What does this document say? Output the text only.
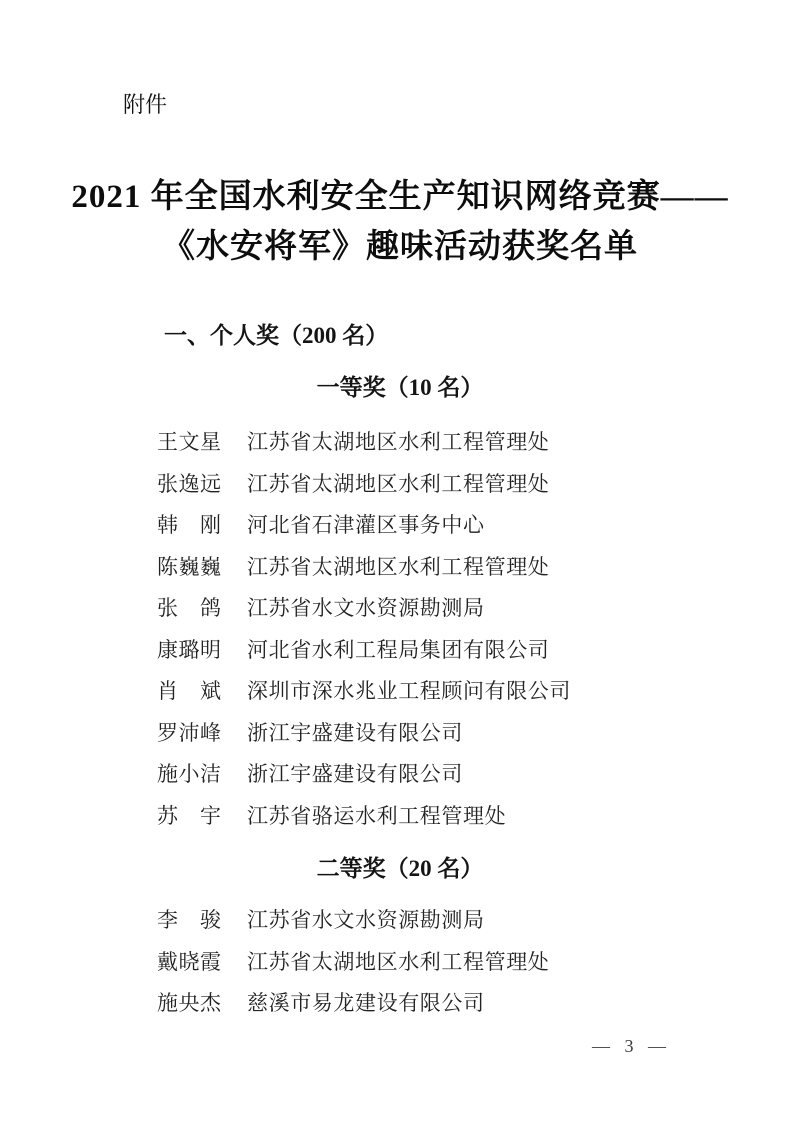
附件
2021 年全国水利安全生产知识网络竞赛——
《水安将军》趣味活动获奖名单
一、个人奖（200 名）
一等奖（10 名）
王文星 江苏省太湖地区水利工程管理处
张逸远 江苏省太湖地区水利工程管理处
韩　刚 河北省石津灌区事务中心
陈巍巍 江苏省太湖地区水利工程管理处
张　鸽 江苏省水文水资源勘测局
康璐明 河北省水利工程局集团有限公司
肖　斌 深圳市深水兆业工程顾问有限公司
罗沛峰 浙江宇盛建设有限公司
施小洁 浙江宇盛建设有限公司
苏　宇 江苏省骆运水利工程管理处
二等奖（20 名）
李　骏 江苏省水文水资源勘测局
戴晓霞 江苏省太湖地区水利工程管理处
施央杰 慈溪市易龙建设有限公司
— 3 —
